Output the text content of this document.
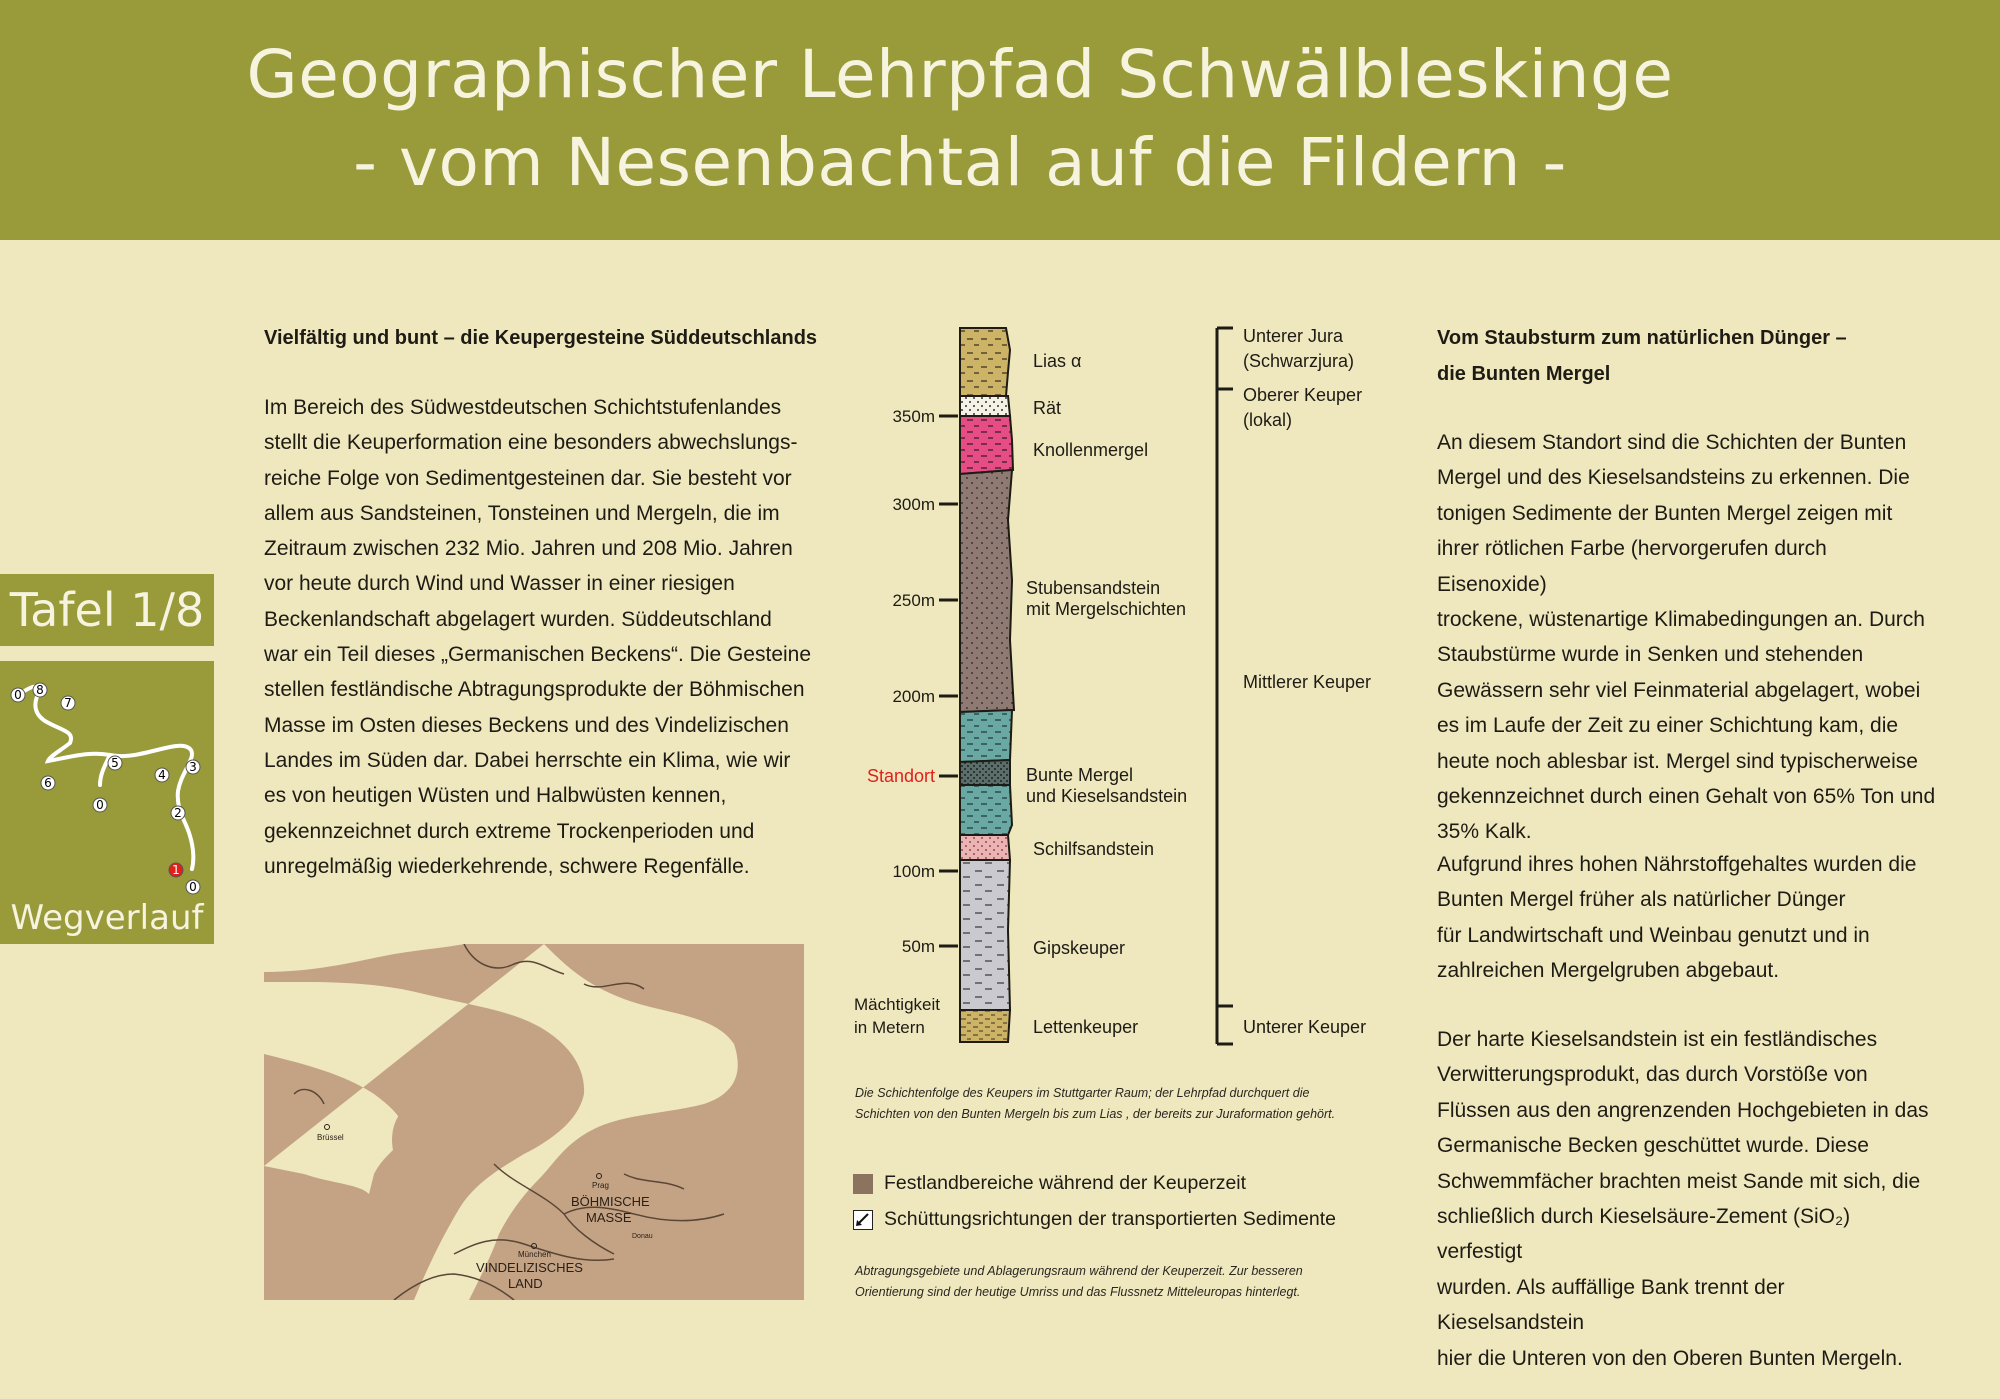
Geographischer Lehrpfad Schwälbleskinge
- vom Nesenbachtal auf die Fildern -
Tafel 1/8
0 8
7
6
5
0
4
3
2
1
0
Wegverlauf
Vielfältig und bunt – die Keupergesteine Süddeutschlands
Im Bereich des Südwestdeutschen Schichtstufenlandes
stellt die Keuperformation eine besonders abwechslungs-
reiche Folge von Sedimentgesteinen dar. Sie besteht vor
allem aus Sandsteinen, Tonsteinen und Mergeln, die im
Zeitraum zwischen 232 Mio. Jahren und 208 Mio. Jahren
vor heute durch Wind und Wasser in einer riesigen
Beckenlandschaft abgelagert wurden. Süddeutschland
war ein Teil dieses „Germanischen Beckens“. Die Gesteine
stellen festländische Abtragungsprodukte der Böhmischen
Masse im Osten dieses Beckens und des Vindelizischen
Landes im Süden dar. Dabei herrschte ein Klima, wie wir
es von heutigen Wüsten und Halbwüsten kennen,
gekennzeichnet durch extreme Trockenperioden und
unregelmäßig wiederkehrende, schwere Regenfälle.
Brüssel
Prag
BÖHMISCHE
MASSE
München
Donau
VINDELIZISCHES
LAND
350m
300m
250m
200m
100m
50m
Standort
Mächtigkeit
in Metern
Lias α
Rät
Knollenmergel
Stubensandstein
mit Mergelschichten
Bunte Mergel
und Kieselsandstein
Schilfsandstein
Gipskeuper
Lettenkeuper
Unterer Jura
(Schwarzjura)
Oberer Keuper
(lokal)
Mittlerer Keuper
Unterer Keuper
Die Schichtenfolge des Keupers im Stuttgarter Raum; der Lehrpfad durchquert die
Schichten von den Bunten Mergeln bis zum Lias , der bereits zur Juraformation gehört.
Festlandbereiche während der Keuperzeit
Schüttungsrichtungen der transportierten Sedimente
Abtragungsgebiete und Ablagerungsraum während der Keuperzeit. Zur besseren
Orientierung sind der heutige Umriss und das Flussnetz Mitteleuropas hinterlegt.
Vom Staubsturm zum natürlichen Dünger –
die Bunten Mergel
An diesem Standort sind die Schichten der Bunten
Mergel und des Kieselsandsteins zu erkennen. Die
tonigen Sedimente der Bunten Mergel zeigen mit
ihrer rötlichen Farbe (hervorgerufen durch Eisenoxide)
trockene, wüstenartige Klimabedingungen an. Durch
Staubstürme wurde in Senken und stehenden
Gewässern sehr viel Feinmaterial abgelagert, wobei
es im Laufe der Zeit zu einer Schichtung kam, die
heute noch ablesbar ist. Mergel sind typischerweise
gekennzeichnet durch einen Gehalt von 65% Ton und
35% Kalk.
Aufgrund ihres hohen Nährstoffgehaltes wurden die
Bunten Mergel früher als natürlicher Dünger
für Landwirtschaft und Weinbau genutzt und in
zahlreichen Mergelgruben abgebaut.
Der harte Kieselsandstein ist ein festländisches
Verwitterungsprodukt, das durch Vorstöße von
Flüssen aus den angrenzenden Hochgebieten in das
Germanische Becken geschüttet wurde. Diese
Schwemmfächer brachten meist Sande mit sich, die
schließlich durch Kieselsäure-Zement (SiO₂) verfestigt
wurden. Als auffällige Bank trennt der Kieselsandstein
hier die Unteren von den Oberen Bunten Mergeln.
